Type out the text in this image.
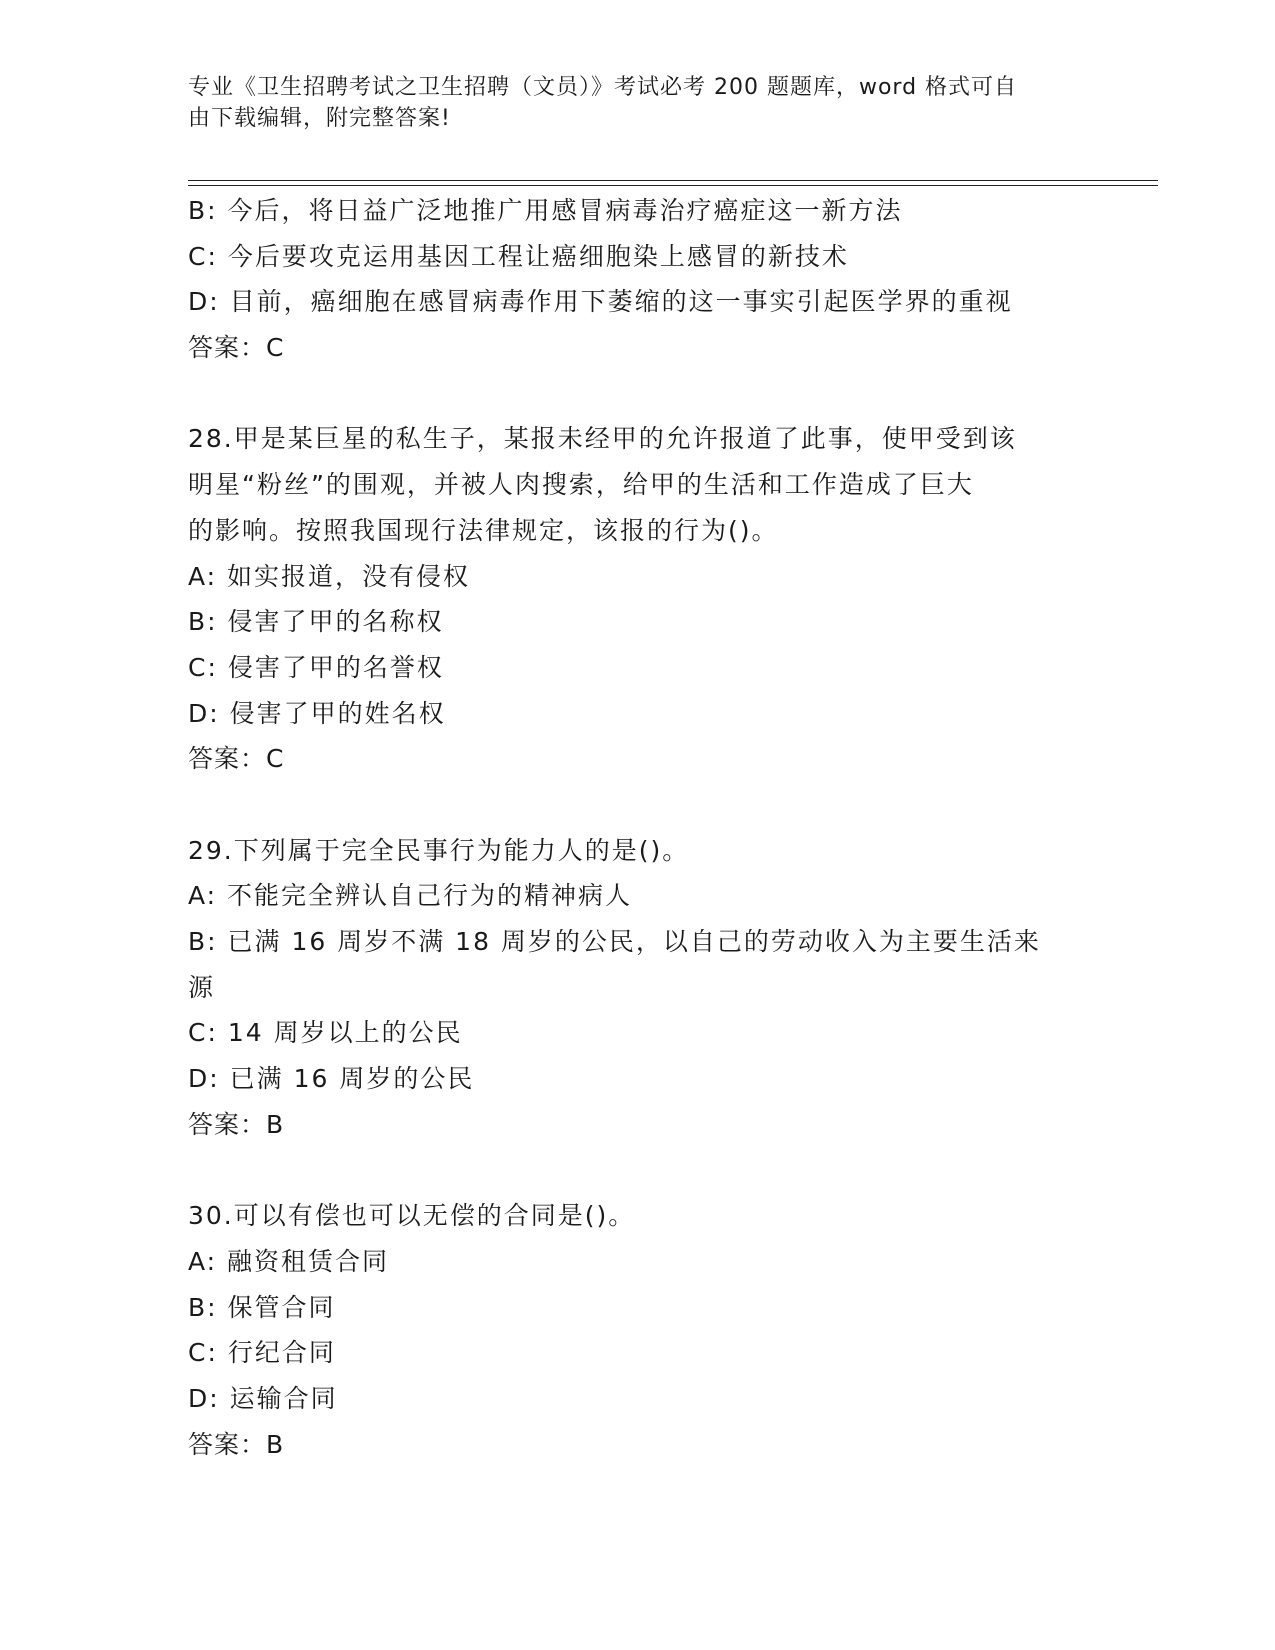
专业《卫生招聘考试之卫生招聘（文员）》考试必考 200 题题库，word 格式可自
由下载编辑，附完整答案!
B: 今后，将日益广泛地推广用感冒病毒治疗癌症这一新方法
C: 今后要攻克运用基因工程让癌细胞染上感冒的新技术
D: 目前，癌细胞在感冒病毒作用下萎缩的这一事实引起医学界的重视
答案：C
28.甲是某巨星的私生子，某报未经甲的允许报道了此事，使甲受到该
明星“粉丝”的围观，并被人肉搜索，给甲的生活和工作造成了巨大
的影响。按照我国现行法律规定，该报的行为()。
A: 如实报道，没有侵权
B: 侵害了甲的名称权
C: 侵害了甲的名誉权
D: 侵害了甲的姓名权
答案：C
29.下列属于完全民事行为能力人的是()。
A: 不能完全辨认自己行为的精神病人
B: 已满 16 周岁不满 18 周岁的公民，以自己的劳动收入为主要生活来
源
C: 14 周岁以上的公民
D: 已满 16 周岁的公民
答案：B
30.可以有偿也可以无偿的合同是()。
A: 融资租赁合同
B: 保管合同
C: 行纪合同
D: 运输合同
答案：B
